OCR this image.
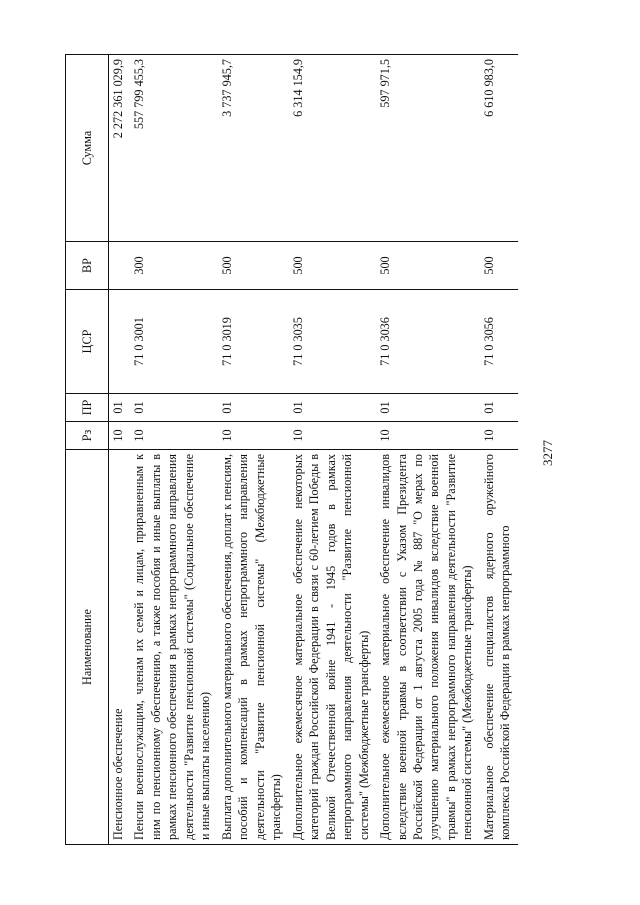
3277
Наименование	Рз	ПР	ЦСР	ВР	Сумма
Пенсионное обеспечение	10	01			2 272 361 029,9
Пенсии военнослужащим, членам их семей и лицам, приравненным к ним по пенсионному обеспечению, а также пособия и иные выплаты в рамках пенсионного обеспечения в рамках непрограммного направления деятельности "Развитие пенсионной системы" (Социальное обеспечение и иные выплаты населению)	10	01	71 0 3001	300	557 799 455,3
Выплата дополнительного материального обеспечения, доплат к пенсиям, пособий и компенсаций в рамках непрограммного направления деятельности "Развитие пенсионной системы" (Межбюджетные трансферты)	10	01	71 0 3019	500	3 737 945,7
Дополнительное ежемесячное материальное обеспечение некоторых категорий граждан Российской Федерации в связи с 60-летием Победы в Великой Отечественной войне 1941 - 1945 годов в рамках непрограммного направления деятельности "Развитие пенсионной системы" (Межбюджетные трансферты)	10	01	71 0 3035	500	6 314 154,9
Дополнительное ежемесячное материальное обеспечение инвалидов вследствие военной травмы в соответствии с Указом Президента Российской Федерации от 1 августа 2005 года № 887 "О мерах по улучшению материального положения инвалидов вследствие военной травмы" в рамках непрограммного направления деятельности "Развитие пенсионной системы" (Межбюджетные трансферты)	10	01	71 0 3036	500	597 971,5
Материальное обеспечение специалистов ядерного оружейного комплекса Российской Федерации в рамках непрограммного	10	01	71 0 3056	500	6 610 983,0
